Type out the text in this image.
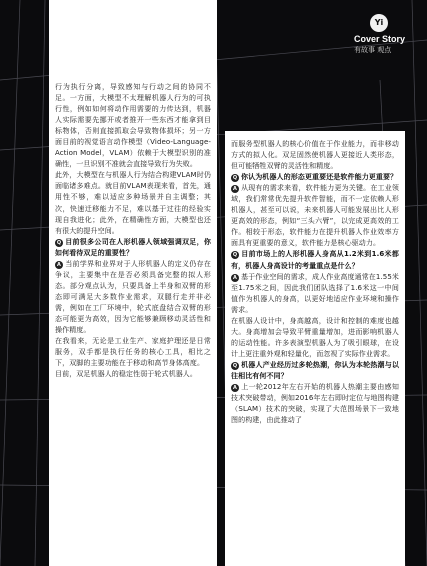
Yi
Cover Story
有故事 观点

行为执行分离，导致感知与行动之间的协同不足。一方面，大模型不太理解机器人行为的可执行性，例如如何将动作用需要的力传达到，机器人实际需要先挪开或者推开一些东西才能拿到目标物体，否则直接抓取会导致物体损坏；另一方面目前的视觉语言动作模型（Video-Language-Action Model，VLAM）依赖于大模型识别的准确性，一旦识别不准就会直接导致行为失败。

此外，大模型在与机器人行为结合构建VLAM时仍面临诸多难点。就目前VLAM表现来看，首先，通用性不够，难以适应多种场景并自主调整；其次，快速迁移能力不足，难以基于过往的经验实现自我进化；此外，在精确性方面，大模型也还有很大的提升空间。

Q 目前很多公司在人形机器人领域强调双足，你如何看待双足的重要性？

A 当前学界和业界对于人形机器人的定义仍存在争议，主要集中在是否必须具备完整的拟人形态。部分观点认为，只要具备上半身和双臂的形态即可满足大多数作业需求，双腿行走并非必需，例如在工厂环境中，轮式底盘结合双臂的形态可能更为高效，因为它能够兼顾移动灵活性和操作精度。

在我看来，无论是工业生产、家庭护理还是日常服务，双手都是执行任务的核心工具，相比之下，双脚的主要功能在于移动和高节身体高度。

目前，双足机器人的稳定性弱于轮式机器人。

而服务型机器人的核心价值在于作业能力，而非移动方式的拟人化。双足固然使机器人更接近人类形态，但可能牺牲双臂的灵活性和精度。

Q 你认为机器人的形态更重要还是软件能力更重要？

A 从现有的需求来看，软件能力更为关键。在工业领域，我们常常优先提升软件智能，而不一定依赖人形机器人，甚至可以说，未来机器人可能发展出比人形更高效的形态，例如“三头六臂”，以完成更高效的工作。相较于形态，软件能力在提升机器人作业效率方面具有更重要的意义，软件能力是核心驱动力。

Q 目前市场上的人形机器人身高从1.2米到1.6米都有，机器人身高设计的考量重点是什么？

A 基于作业空间的需求，成人作业高度通常在1.55米至1.75米之间，因此我们团队选择了1.6米这一中间值作为机器人的身高，以更好地适应作业环境和操作需求。

在机器人设计中，身高越高，设计和控制的难度也越大。身高增加会导致平臂重量增加，进而影响机器人的运动性能。许多表演型机器人为了吸引眼球，在设计上更注重外观和轻量化，而忽视了实际作业需求。

Q 机器人产业经历过多轮热潮，你认为本轮热潮与以往相比有何不同？

A 上一轮2012年左右开始的机器人热潮主要由感知技术突破带动，例如2016年左右即时定位与地图构建（SLAM）技术的突破，实现了大范围场景下一致地图的构建，由此推动了
